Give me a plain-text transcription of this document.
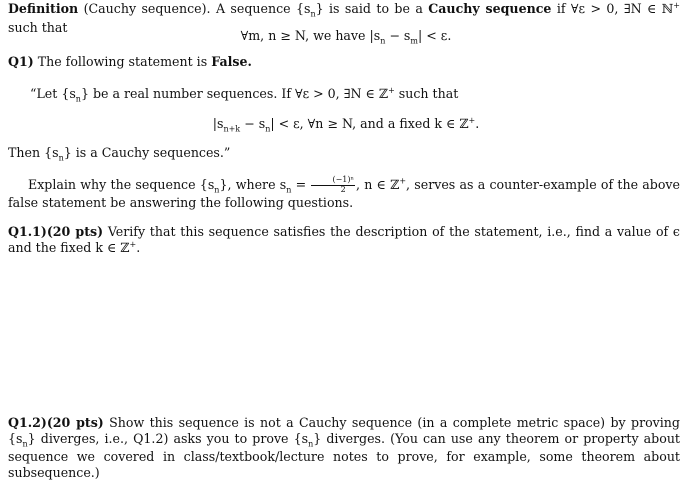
Definition (Cauchy sequence). A sequence $\{s_n\}$ is said to be a Cauchy sequence if ∀ε > 0, ∃N ∈ ℕ+ such that
∀m, n ≥ N, we have $|s_n - s_m| < \varepsilon$.
Q1) The following statement is False.
“Let $\{s_n\}$ be a real number sequences. If ∀ε > 0, ∃N ∈ ℤ+ such that
$|s_{n+k} - s_n| < \varepsilon$, ∀n ≥ N, and a fixed k ∈ ℤ+.
Then $\{s_n\}$ is a Cauchy sequences.”
Explain why the sequence $\{s_n\}$, where $s_n = \frac{\text{(−1)ⁿ}}{2}$ , n ∈ ℤ+, serves as a counter-example of the above false statement be answering the following questions.
Q1.1)(20 pts) Verify that this sequence satisfies the description of the statement, i.e., find a value of ϵ and the fixed k ∈ ℤ+.
Q1.2)(20 pts) Show this sequence is not a Cauchy sequence (in a complete metric space) by proving $\{s_n\}$ diverges, i.e., Q1.2) asks you to prove $\{s_n\}$ diverges. (You can use any theorem or property about sequence we covered in class/textbook/lecture notes to prove, for example, some theorem about subsequence.)
